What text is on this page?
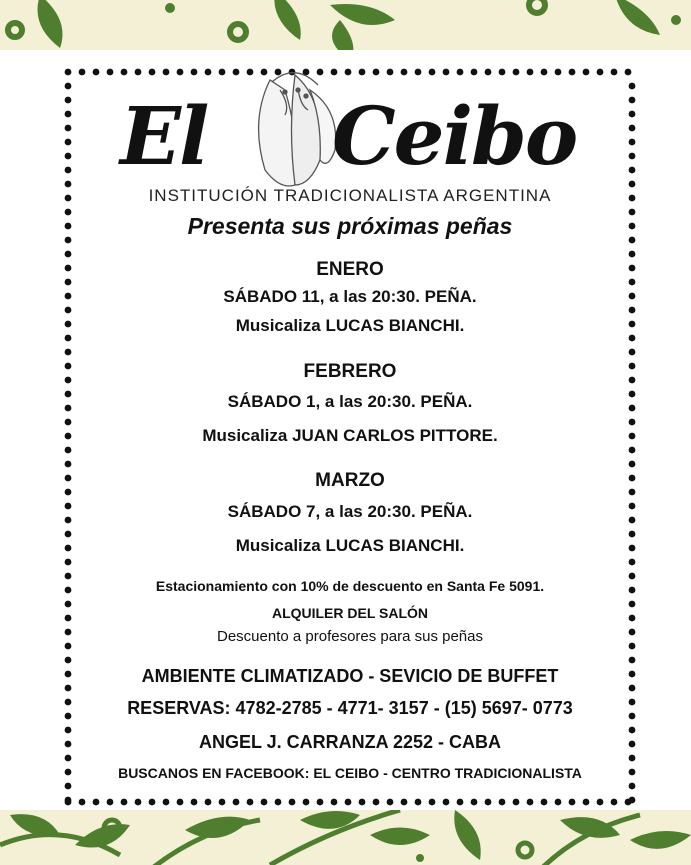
El Ceibo
INSTITUCIÓN TRADICIONALISTA ARGENTINA
Presenta sus próximas peñas
ENERO
SÁBADO 11, a las 20:30. PEÑA.
Musicaliza LUCAS BIANCHI.
FEBRERO
SÁBADO 1, a las 20:30. PEÑA.
Musicaliza JUAN CARLOS PITTORE.
MARZO
SÁBADO 7, a las 20:30. PEÑA.
Musicaliza LUCAS BIANCHI.
Estacionamiento con 10% de descuento en Santa Fe 5091.
ALQUILER DEL SALÓN
Descuento a profesores para sus peñas
AMBIENTE CLIMATIZADO - SEVICIO DE BUFFET
RESERVAS: 4782-2785 - 4771- 3157 - (15) 5697- 0773
ANGEL J. CARRANZA 2252 - CABA
BUSCANOS EN FACEBOOK: EL CEIBO - CENTRO TRADICIONALISTA
